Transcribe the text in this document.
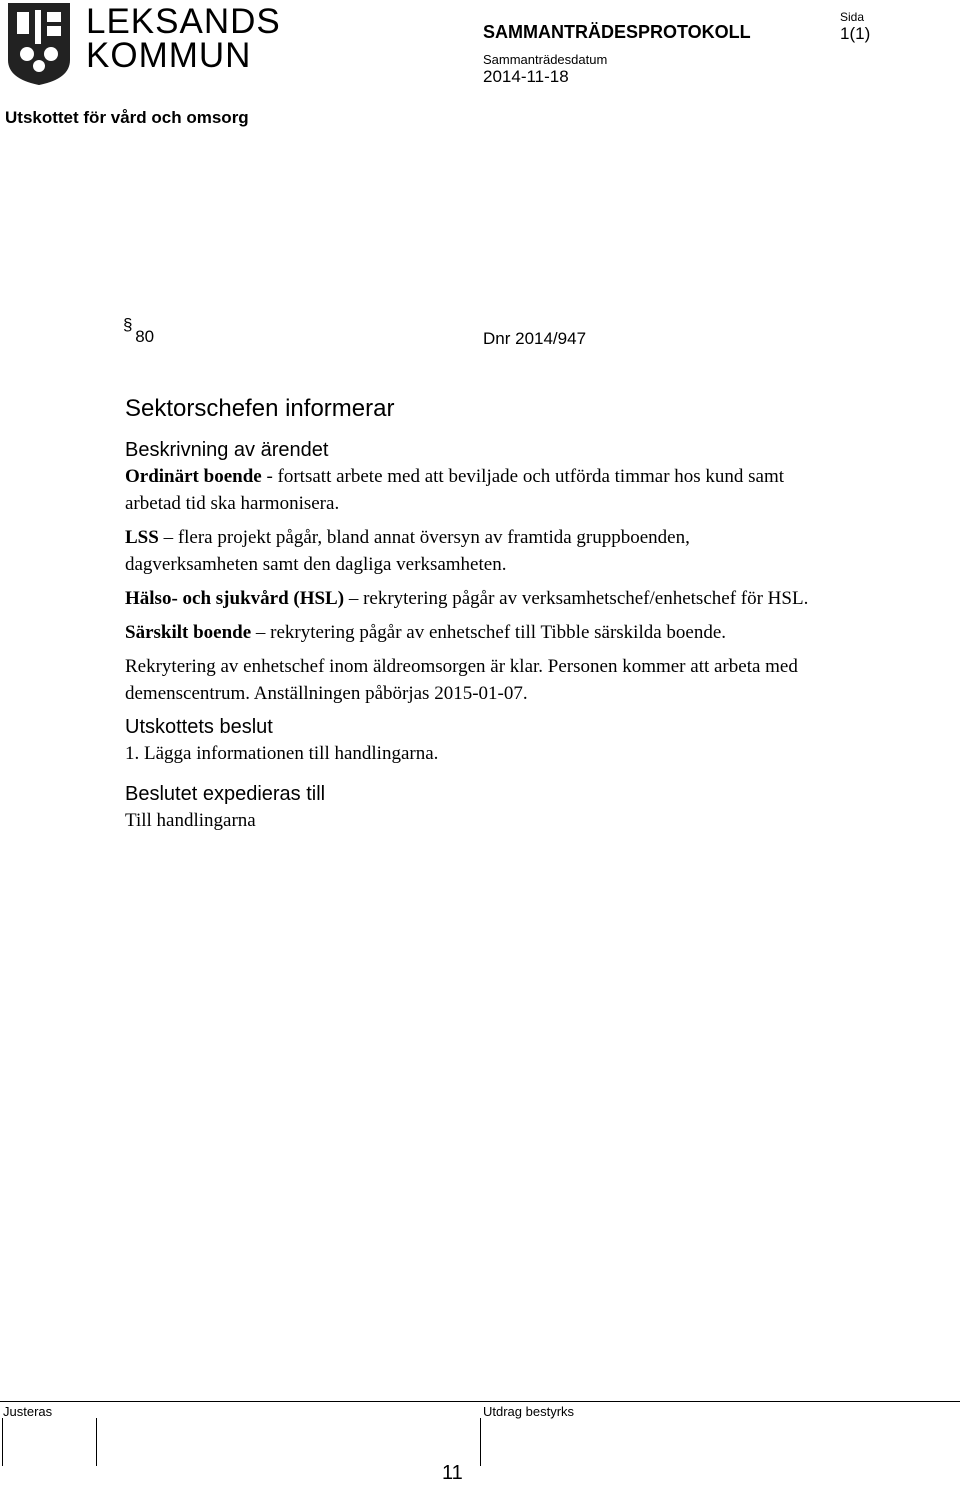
LEKSANDS
KOMMUN
SAMMANTRÄDESPROTOKOLL
Sida
1(1)
Sammanträdesdatum
2014-11-18
Utskottet för vård och omsorg
§ 80	Dnr 2014/947
Sektorschefen informerar
Beskrivning av ärendet

Ordinärt boende - fortsatt arbete med att beviljade och utförda timmar hos kund samt arbetad tid ska harmonisera.

LSS – flera projekt pågår, bland annat översyn av framtida gruppboenden, dagverksamheten samt den dagliga verksamheten.

Hälso- och sjukvård (HSL) – rekrytering pågår av verksamhetschef/enhetschef för HSL.

Särskilt boende – rekrytering pågår av enhetschef till Tibble särskilda boende.

Rekrytering av enhetschef inom äldreomsorgen är klar. Personen kommer att arbeta med demenscentrum. Anställningen påbörjas 2015-01-07.

Utskottets beslut

1. Lägga informationen till handlingarna.

Beslutet expedieras till

Till handlingarna

Justeras	Utdrag bestyrks
11
